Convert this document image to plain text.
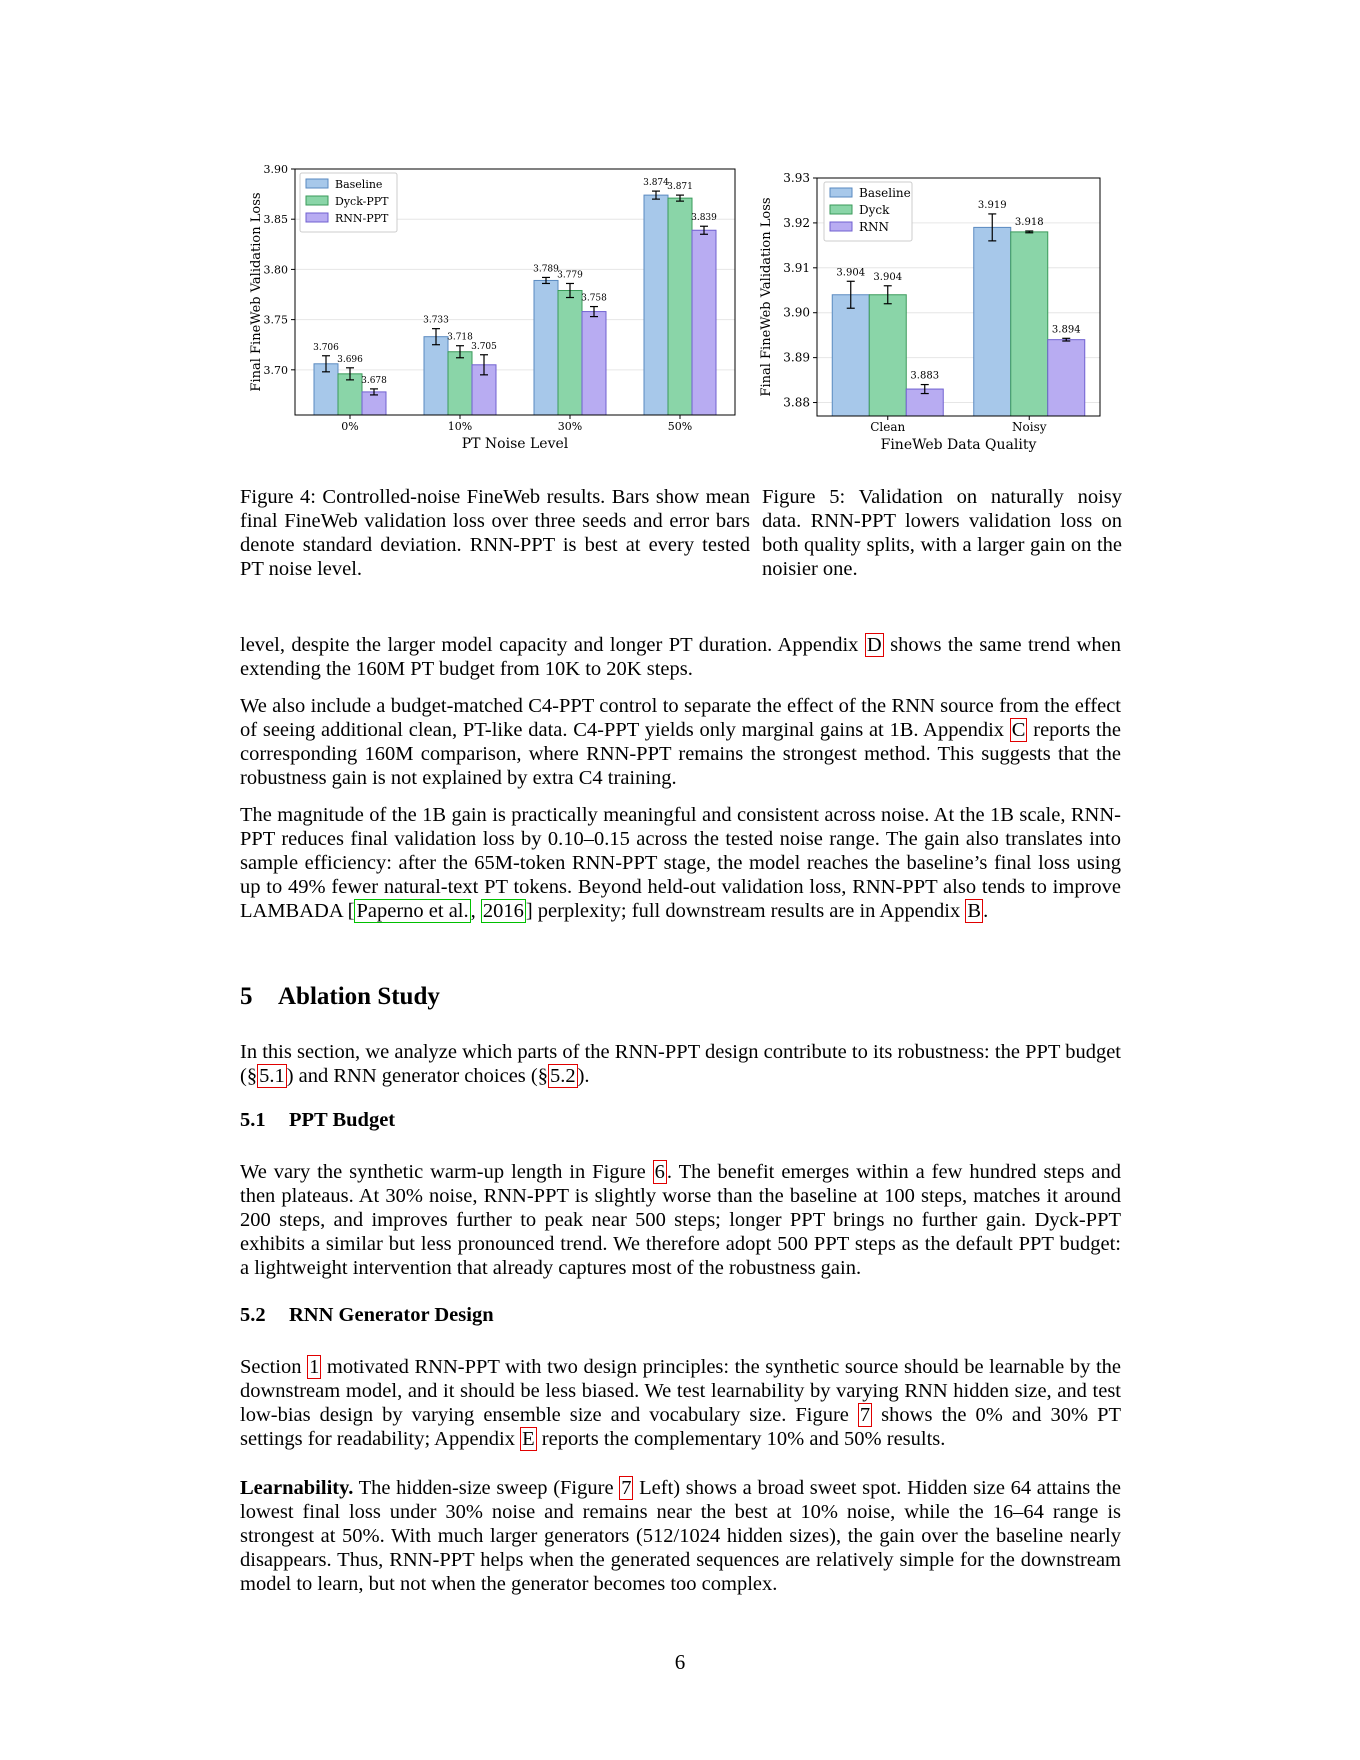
3.70
3.75
3.80
3.85
3.90
3.706
3.696
3.678
0%
3.733
3.718
3.705
10%
3.789
3.779
3.758
30%
3.874
3.871
3.839
50%
PT Noise Level
Final FineWeb Validation Loss
Baseline
Dyck-PPT
RNN-PPT
3.88
3.89
3.90
3.91
3.92
3.93
3.904 3.904
3.883
Clean
3.919
3.918
3.894
Noisy
FineWeb Data Quality
Final FineWeb Validation Loss
Baseline
Dyck
RNN
Figure 4: Controlled-noise FineWeb results. Bars show mean final FineWeb validation loss over three seeds and error bars denote standard deviation. RNN-PPT is best at every tested PT noise level.
Figure 5: Validation on naturally noisy data. RNN-PPT lowers validation loss on both quality splits, with a larger gain on the noisier one.

level, despite the larger model capacity and longer PT duration. Appendix D shows the same trend when extending the 160M PT budget from 10K to 20K steps.

We also include a budget-matched C4-PPT control to separate the effect of the RNN source from the effect of seeing additional clean, PT-like data. C4-PPT yields only marginal gains at 1B. Appendix C reports the corresponding 160M comparison, where RNN-PPT remains the strongest method. This suggests that the robustness gain is not explained by extra C4 training.

The magnitude of the 1B gain is practically meaningful and consistent across noise. At the 1B scale, RNN-PPT reduces final validation loss by 0.10–0.15 across the tested noise range. The gain also translates into sample efficiency: after the 65M-token RNN-PPT stage, the model reaches the baseline’s final loss using up to 49% fewer natural-text PT tokens. Beyond held-out validation loss, RNN-PPT also tends to improve LAMBADA [Paperno et al., 2016] perplexity; full downstream results are in Appendix B.

5 Ablation Study

In this section, we analyze which parts of the RNN-PPT design contribute to its robustness: the PPT budget (§5.1) and RNN generator choices (§5.2).

5.1 PPT Budget

We vary the synthetic warm-up length in Figure 6. The benefit emerges within a few hundred steps and then plateaus. At 30% noise, RNN-PPT is slightly worse than the baseline at 100 steps, matches it around 200 steps, and improves further to peak near 500 steps; longer PPT brings no further gain. Dyck-PPT exhibits a similar but less pronounced trend. We therefore adopt 500 PPT steps as the default PPT budget: a lightweight intervention that already captures most of the robustness gain.

5.2 RNN Generator Design

Section 1 motivated RNN-PPT with two design principles: the synthetic source should be learnable by the downstream model, and it should be less biased. We test learnability by varying RNN hidden size, and test low-bias design by varying ensemble size and vocabulary size. Figure 7 shows the 0% and 30% PT settings for readability; Appendix E reports the complementary 10% and 50% results.

Learnability. The hidden-size sweep (Figure 7 Left) shows a broad sweet spot. Hidden size 64 attains the lowest final loss under 30% noise and remains near the best at 10% noise, while the 16–64 range is strongest at 50%. With much larger generators (512/1024 hidden sizes), the gain over the baseline nearly disappears. Thus, RNN-PPT helps when the generated sequences are relatively simple for the downstream model to learn, but not when the generator becomes too complex.

6
